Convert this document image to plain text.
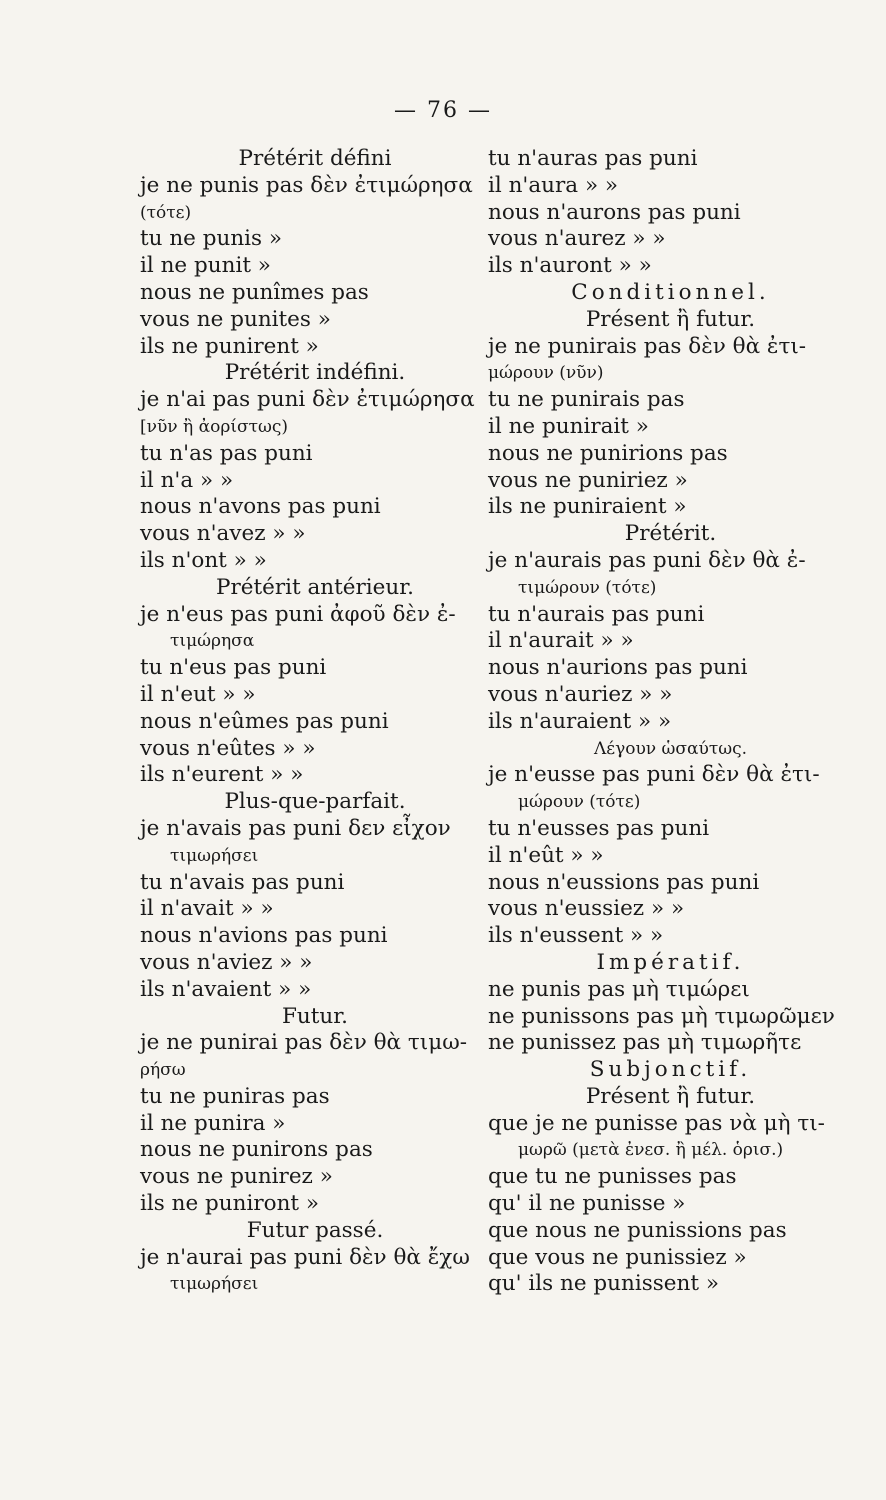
— 76 —
Prétérit défini
je ne punis pas δὲν ἐτιμώρησα
(τότε)
tu ne punis »
il ne punit »
nous ne punîmes pas
vous ne punites »
ils ne punirent »
Prétérit indéfini.
je n'ai pas puni δὲν ἐτιμώρησα
[νῦν ἢ ἀορίστως)
tu n'as pas puni
il n'a » »
nous n'avons pas puni
vous n'avez » »
ils n'ont » »
Prétérit antérieur.
je n'eus pas puni ἀφοῦ δὲν ἐ-
τιμώρησα
tu n'eus pas puni
il n'eut » »
nous n'eûmes pas puni
vous n'eûtes » »
ils n'eurent » »
Plus-que-parfait.
je n'avais pas puni δεν εἶχον
τιμωρήσει
tu n'avais pas puni
il n'avait » »
nous n'avions pas puni
vous n'aviez » »
ils n'avaient » »
Futur.
je ne punirai pas δὲν θὰ τιμω-
ρήσω
tu ne puniras pas
il ne punira »
nous ne punirons pas
vous ne punirez »
ils ne puniront »
Futur passé.
je n'aurai pas puni δὲν θὰ ἔχω
τιμωρήσει
tu n'auras pas puni
il n'aura » »
nous n'aurons pas puni
vous n'aurez » »
ils n'auront » »
Conditionnel.
Présent ἢ futur.
je ne punirais pas δὲν θὰ ἐτι-
μώρουν (νῦν)
tu ne punirais pas
il ne punirait »
nous ne punirions pas
vous ne puniriez »
ils ne puniraient »
Prétérit.
je n'aurais pas puni δὲν θὰ ἐ-
τιμώρουν (τότε)
tu n'aurais pas puni
il n'aurait » »
nous n'aurions pas puni
vous n'auriez » »
ils n'auraient » »
Λέγουν ὡσαύτως.
je n'eusse pas puni δὲν θὰ ἐτι-
μώρουν (τότε)
tu n'eusses pas puni
il n'eût » »
nous n'eussions pas puni
vous n'eussiez » »
ils n'eussent » »
Impératif.
ne punis pas μὴ τιμώρει
ne punissons pas μὴ τιμωρῶμεν
ne punissez pas μὴ τιμωρῆτε
Subjonctif.
Présent ἢ futur.
que je ne punisse pas νὰ μὴ τι-
μωρῶ (μετὰ ἐνεσ. ἢ μέλ. ὁρισ.)
que tu ne punisses pas
qu' il ne punisse »
que nous ne punissions pas
que vous ne punissiez »
qu' ils ne punissent »
